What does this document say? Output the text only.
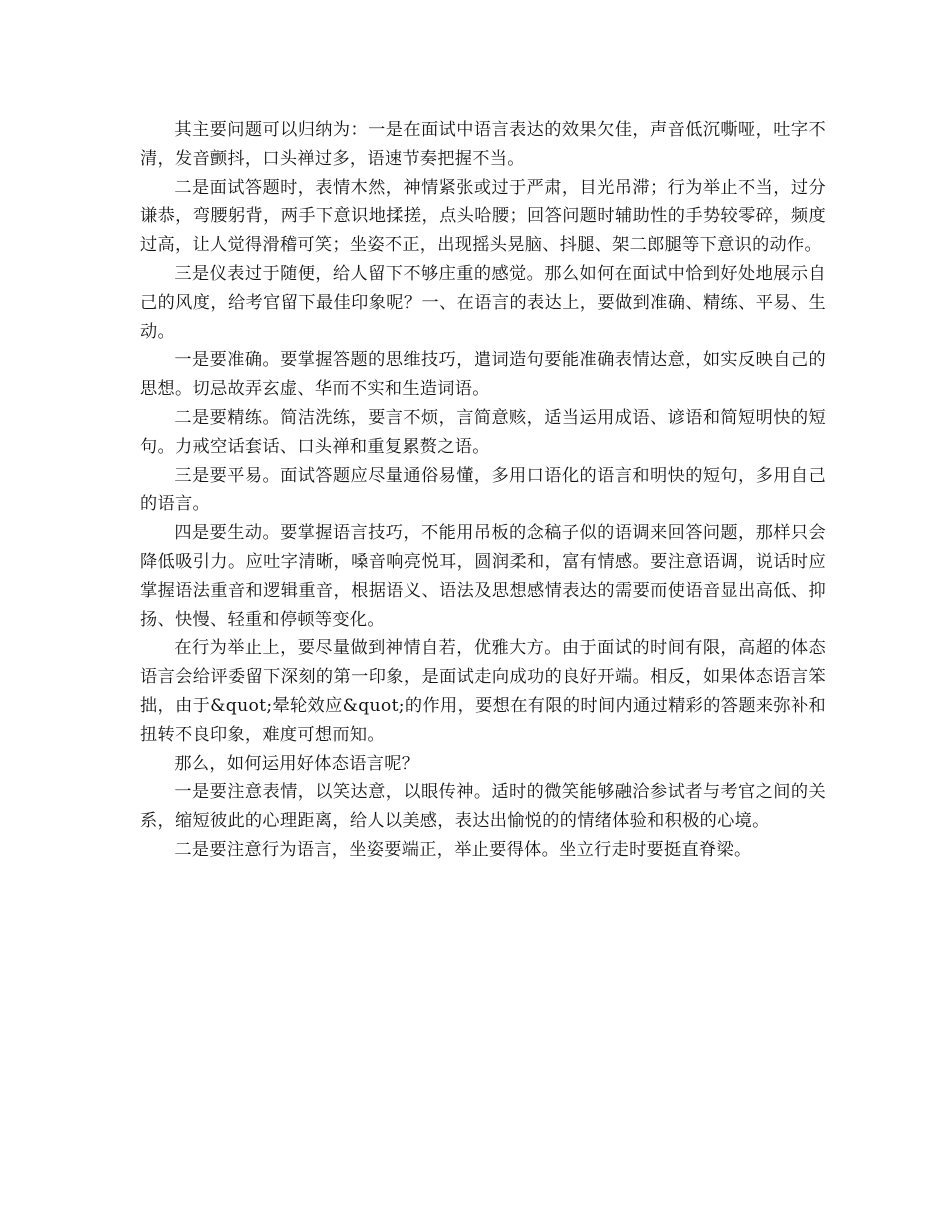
其主要问题可以归纳为：一是在面试中语言表达的效果欠佳，声音低沉嘶哑，吐字不清，发音颤抖，口头禅过多，语速节奏把握不当。

二是面试答题时，表情木然，神情紧张或过于严肃，目光吊滞；行为举止不当，过分谦恭，弯腰躬背，两手下意识地揉搓，点头哈腰；回答问题时辅助性的手势较零碎，频度过高，让人觉得滑稽可笑；坐姿不正，出现摇头晃脑、抖腿、架二郎腿等下意识的动作。

三是仪表过于随便，给人留下不够庄重的感觉。那么如何在面试中恰到好处地展示自己的风度，给考官留下最佳印象呢？一、在语言的表达上，要做到准确、精练、平易、生动。

一是要准确。要掌握答题的思维技巧，遣词造句要能准确表情达意，如实反映自己的思想。切忌故弄玄虚、华而不实和生造词语。

二是要精练。简洁洗练，要言不烦，言简意赅，适当运用成语、谚语和简短明快的短句。力戒空话套话、口头禅和重复累赘之语。

三是要平易。面试答题应尽量通俗易懂，多用口语化的语言和明快的短句，多用自己的语言。

四是要生动。要掌握语言技巧，不能用吊板的念稿子似的语调来回答问题，那样只会降低吸引力。应吐字清晰，嗓音响亮悦耳，圆润柔和，富有情感。要注意语调，说话时应掌握语法重音和逻辑重音，根据语义、语法及思想感情表达的需要而使语音显出高低、抑扬、快慢、轻重和停顿等变化。

在行为举止上，要尽量做到神情自若，优雅大方。由于面试的时间有限，高超的体态语言会给评委留下深刻的第一印象，是面试走向成功的良好开端。相反，如果体态语言笨拙，由于&quot;晕轮效应&quot;的作用，要想在有限的时间内通过精彩的答题来弥补和扭转不良印象，难度可想而知。

那么，如何运用好体态语言呢？

一是要注意表情，以笑达意，以眼传神。适时的微笑能够融洽参试者与考官之间的关系，缩短彼此的心理距离，给人以美感，表达出愉悦的的情绪体验和积极的心境。

二是要注意行为语言，坐姿要端正，举止要得体。坐立行走时要挺直脊梁。
